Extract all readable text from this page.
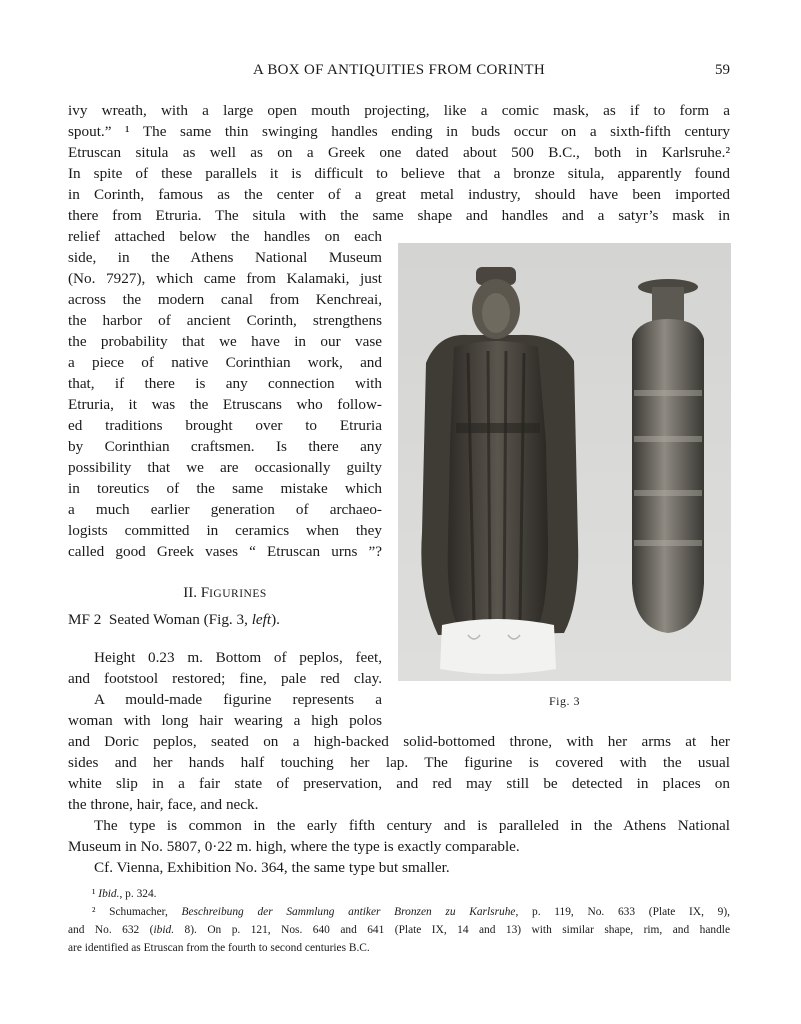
A BOX OF ANTIQUITIES FROM CORINTH	59
ivy wreath, with a large open mouth projecting, like a comic mask, as if to form a
spout.” ¹ The same thin swinging handles ending in buds occur on a sixth-fifth century
Etruscan situla as well as on a Greek one dated about 500 B.C., both in Karlsruhe.²
In spite of these parallels it is difficult to believe that a bronze situla, apparently found
in Corinth, famous as the center of a great metal industry, should have been imported
there from Etruria. The situla with the same shape and handles and a satyr’s mask in
relief attached below the handles on each
side, in the Athens National Museum
(No. 7927), which came from Kalamaki, just
across the modern canal from Kenchreai,
the harbor of ancient Corinth, strengthens
the probability that we have in our vase
a piece of native Corinthian work, and
that, if there is any connection with
Etruria, it was the Etruscans who follow-
ed traditions brought over to Etruria
by Corinthian craftsmen. Is there any
possibility that we are occasionally guilty
in toreutics of the same mistake which
a much earlier generation of archaeo-
logists committed in ceramics when they
called good Greek vases “ Etruscan urns ”?
II. FIGURINES
MF 2  Seated Woman (Fig. 3, left).
Height 0.23 m. Bottom of peplos, feet,
and footstool restored; fine, pale red clay.
A mould-made figurine represents a
woman with long hair wearing a high polos
and Doric peplos, seated on a high-backed solid-bottomed throne, with her arms at her
sides and her hands half touching her lap. The figurine is covered with the usual
white slip in a fair state of preservation, and red may still be detected in places on
the throne, hair, face, and neck.
The type is common in the early fifth century and is paralleled in the Athens National
Museum in No. 5807, 0·22 m. high, where the type is exactly comparable.
Cf. Vienna, Exhibition No. 364, the same type but smaller.
Fig. 3
¹ Ibid., p. 324.
² Schumacher, Beschreibung der Sammlung antiker Bronzen zu Karlsruhe, p. 119, No. 633 (Plate IX, 9),
and No. 632 (ibid. 8). On p. 121, Nos. 640 and 641 (Plate IX, 14 and 13) with similar shape, rim, and handle
are identified as Etruscan from the fourth to second centuries B.C.
